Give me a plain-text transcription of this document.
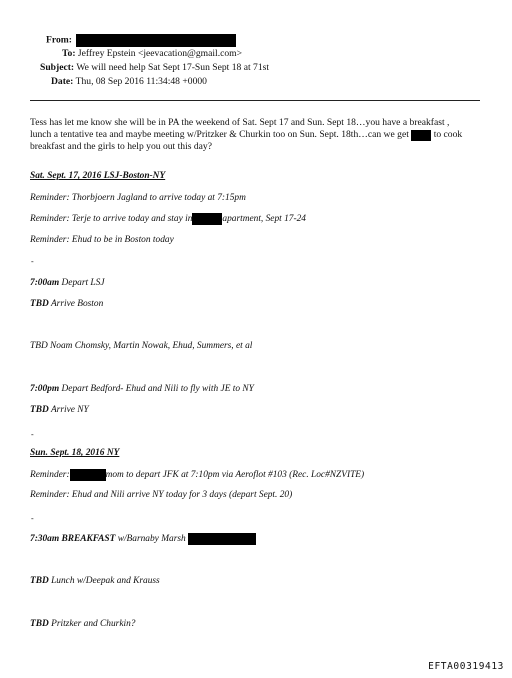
From:
To: Jeffrey Epstein <jeevacation@gmail.com>
Subject: We will need help Sat Sept 17-Sun Sept 18 at 71st
Date: Thu, 08 Sep 2016 11:34:48 +0000
Tess has let me know she will be in PA the weekend of Sat. Sept 17 and Sun. Sept 18…you have a breakfast ,
lunch a tentative tea and maybe meeting w/Pritzker & Churkin too on Sun. Sept. 18th…can we get	to cook
breakfast and the girls to help you out this day?
Sat. Sept. 17, 2016 LSJ-Boston-NY
Reminder: Thorbjoern Jagland to arrive today at 7:15pm
Reminder: Terje to arrive today and stay in	apartment, Sept 17-24
Reminder: Ehud to be in Boston today
-
7:00am Depart LSJ
TBD Arrive Boston
TBD Noam Chomsky, Martin Nowak, Ehud, Summers, et al
7:00pm Depart Bedford- Ehud and Nili to fly with JE to NY
TBD Arrive NY
-
Sun. Sept. 18, 2016 NY
Reminder:	mom to depart JFK at 7:10pm via Aeroflot #103 (Rec. Loc#NZVITE)
Reminder: Ehud and Nili arrive NY today for 3 days (depart Sept. 20)
-
7:30am BREAKFAST w/Barnaby Marsh
TBD Lunch w/Deepak and Krauss
TBD Pritzker and Churkin?
EFTA00319413
